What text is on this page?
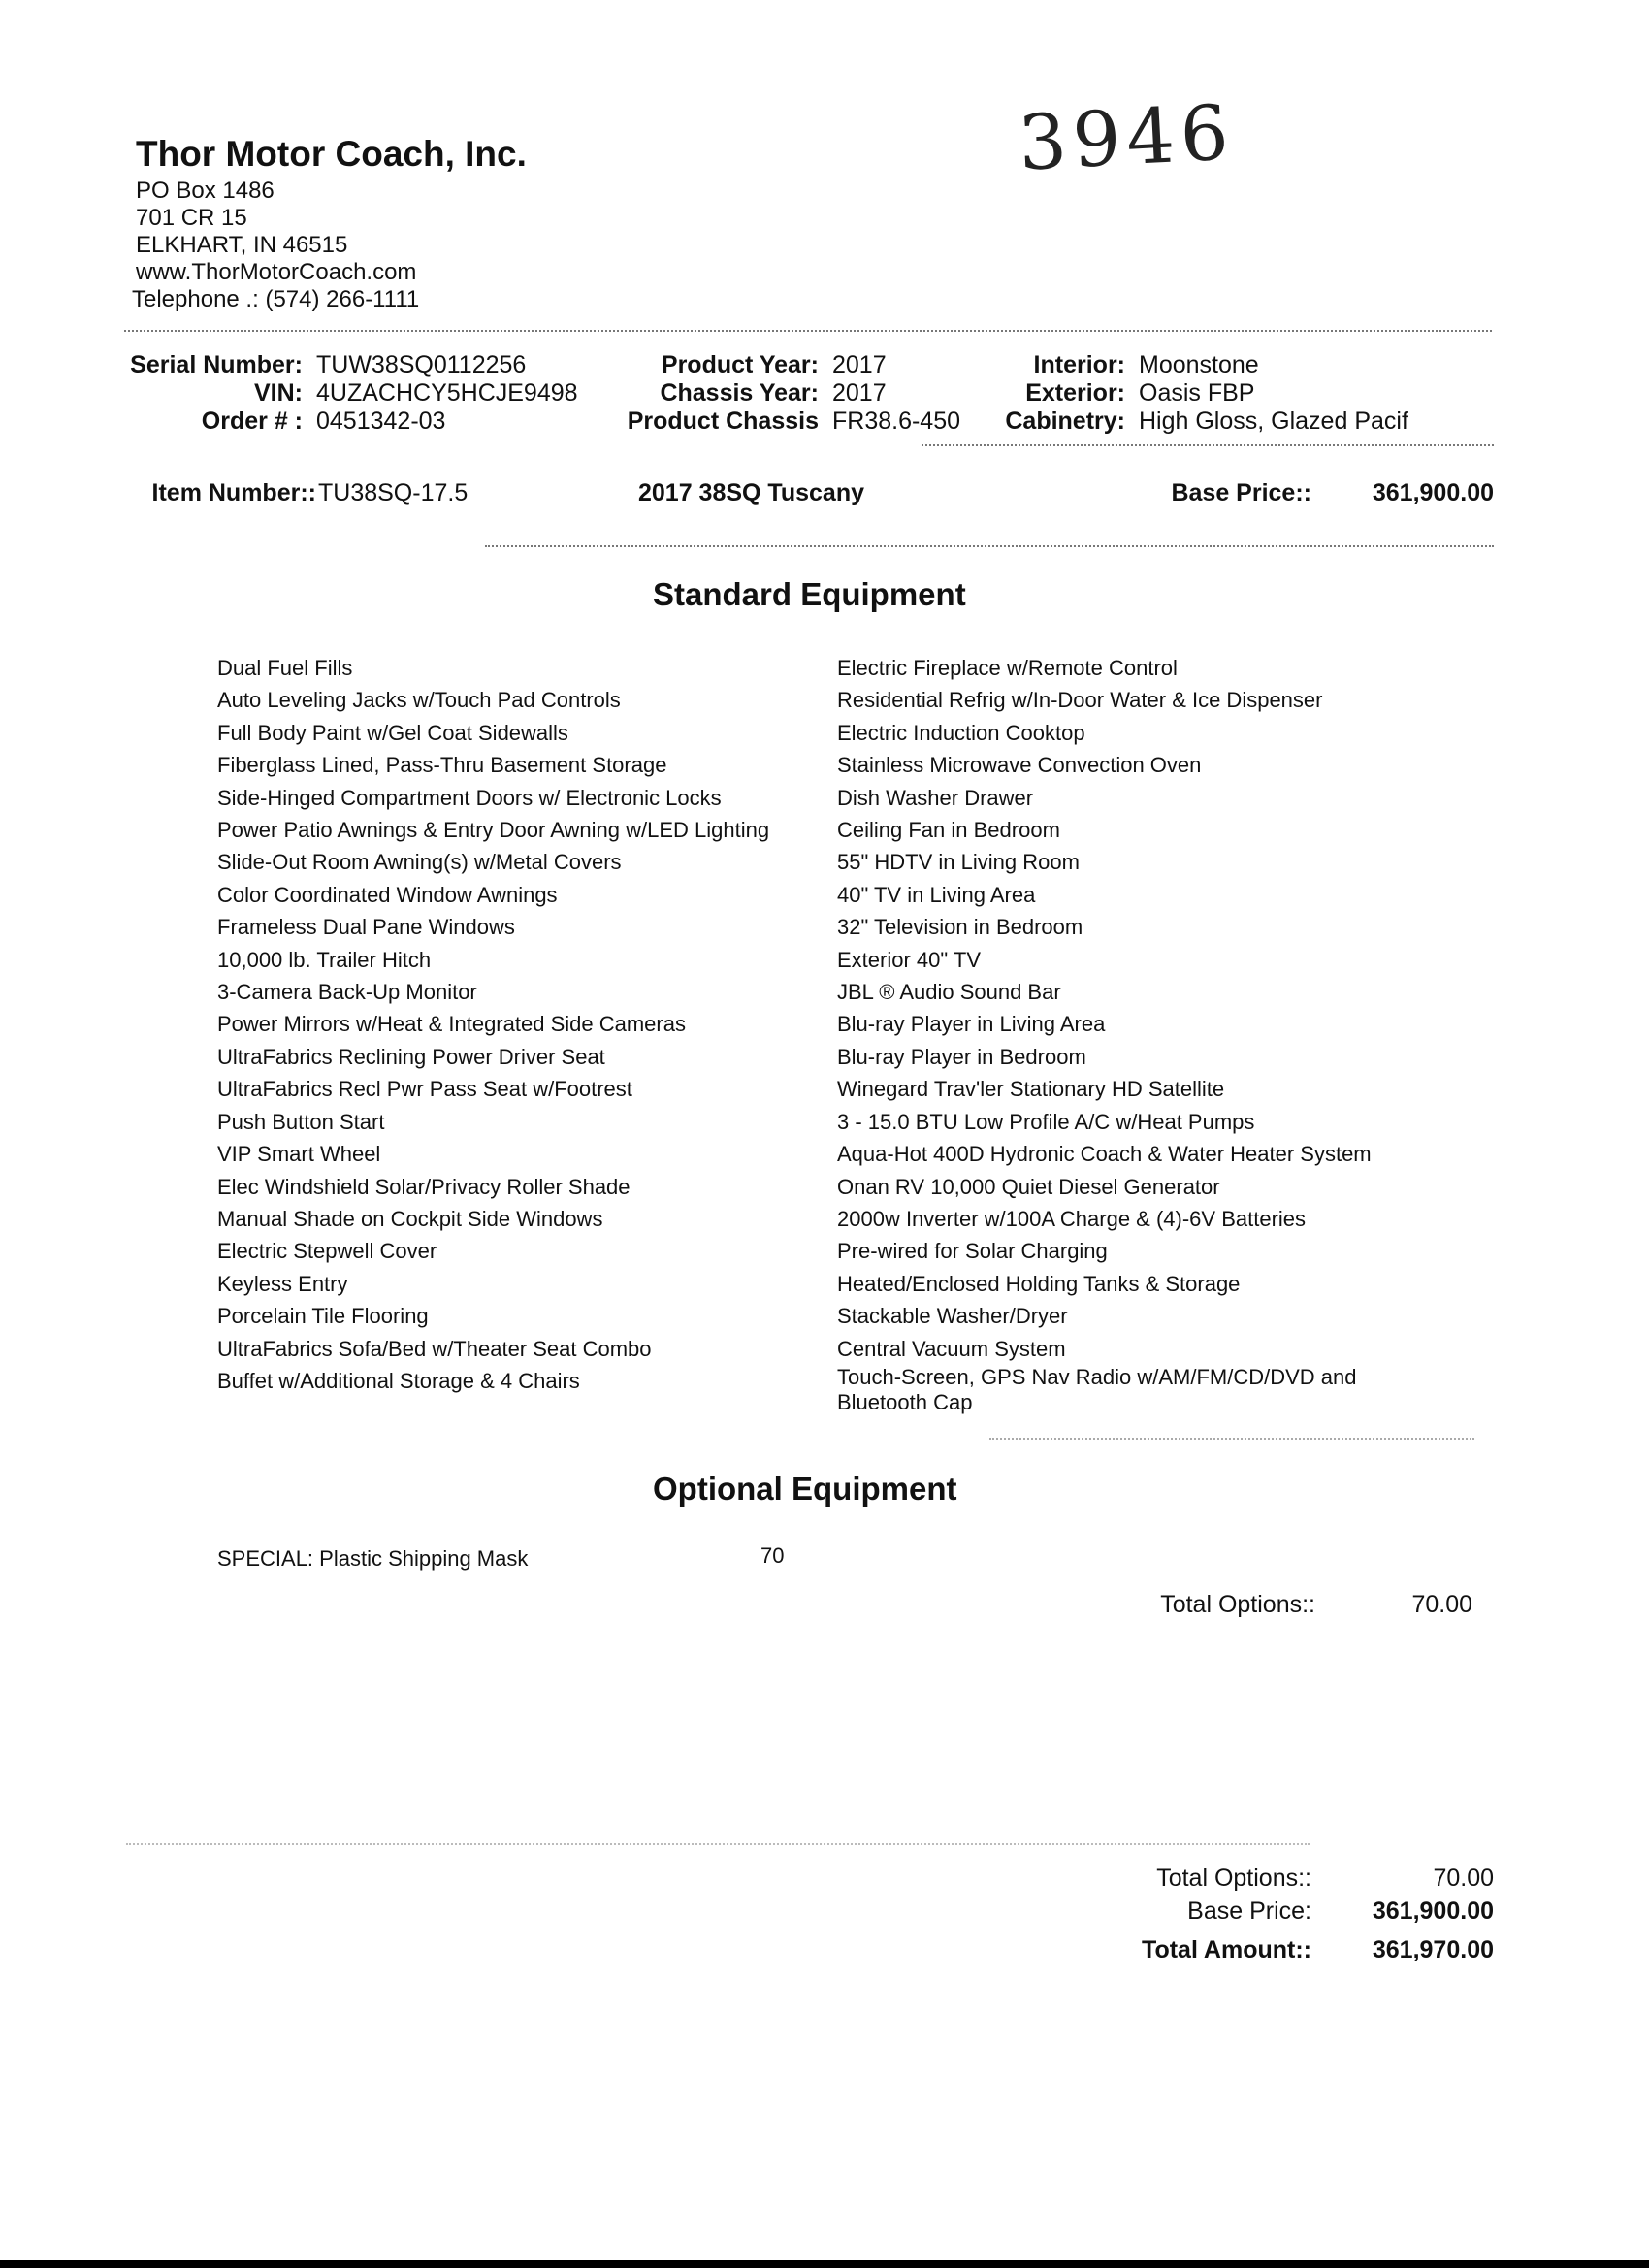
Thor Motor Coach, Inc.
PO Box 1486
701 CR 15
ELKHART, IN 46515
www.ThorMotorCoach.com
Telephone .: (574) 266-1111
3946
Serial Number: TUW38SQ0112256
VIN: 4UZACHCY5HCJE9498
Order # : 0451342-03
Product Year: 2017
Chassis Year: 2017
Product Chassis FR38.6-450
Interior: Moonstone
Exterior: Oasis FBP
Cabinetry: High Gloss, Glazed Pacif
Item Number:: TU38SQ-17.5	2017 38SQ Tuscany	Base Price::	361,900.00
Standard Equipment
Dual Fuel Fills
Auto Leveling Jacks w/Touch Pad Controls
Full Body Paint w/Gel Coat Sidewalls
Fiberglass Lined, Pass-Thru Basement Storage
Side-Hinged Compartment Doors w/ Electronic Locks
Power Patio Awnings & Entry Door Awning w/LED Lighting
Slide-Out Room Awning(s) w/Metal Covers
Color Coordinated Window Awnings
Frameless Dual Pane Windows
10,000 lb. Trailer Hitch
3-Camera Back-Up Monitor
Power Mirrors w/Heat & Integrated Side Cameras
UltraFabrics Reclining Power Driver Seat
UltraFabrics Recl Pwr Pass Seat w/Footrest
Push Button Start
VIP Smart Wheel
Elec Windshield Solar/Privacy Roller Shade
Manual Shade on Cockpit Side Windows
Electric Stepwell Cover
Keyless Entry
Porcelain Tile Flooring
UltraFabrics Sofa/Bed w/Theater Seat Combo
Buffet w/Additional Storage & 4 Chairs
Electric Fireplace w/Remote Control
Residential Refrig w/In-Door Water & Ice Dispenser
Electric Induction Cooktop
Stainless Microwave Convection Oven
Dish Washer Drawer
Ceiling Fan in Bedroom
55" HDTV in Living Room
40" TV in Living Area
32" Television in Bedroom
Exterior 40" TV
JBL ® Audio Sound Bar
Blu-ray Player in Living Area
Blu-ray Player in Bedroom
Winegard Trav'ler Stationary HD Satellite
3 - 15.0 BTU Low Profile A/C w/Heat Pumps
Aqua-Hot 400D Hydronic Coach & Water Heater System
Onan RV 10,000 Quiet Diesel Generator
2000w Inverter w/100A Charge & (4)-6V Batteries
Pre-wired for Solar Charging
Heated/Enclosed Holding Tanks & Storage
Stackable Washer/Dryer
Central Vacuum System
Touch-Screen, GPS Nav Radio w/AM/FM/CD/DVD and Bluetooth Cap
Optional Equipment
SPECIAL: Plastic Shipping Mask	70
Total Options::	70.00
Total Options::	70.00
Base Price:	361,900.00
Total Amount::	361,970.00
